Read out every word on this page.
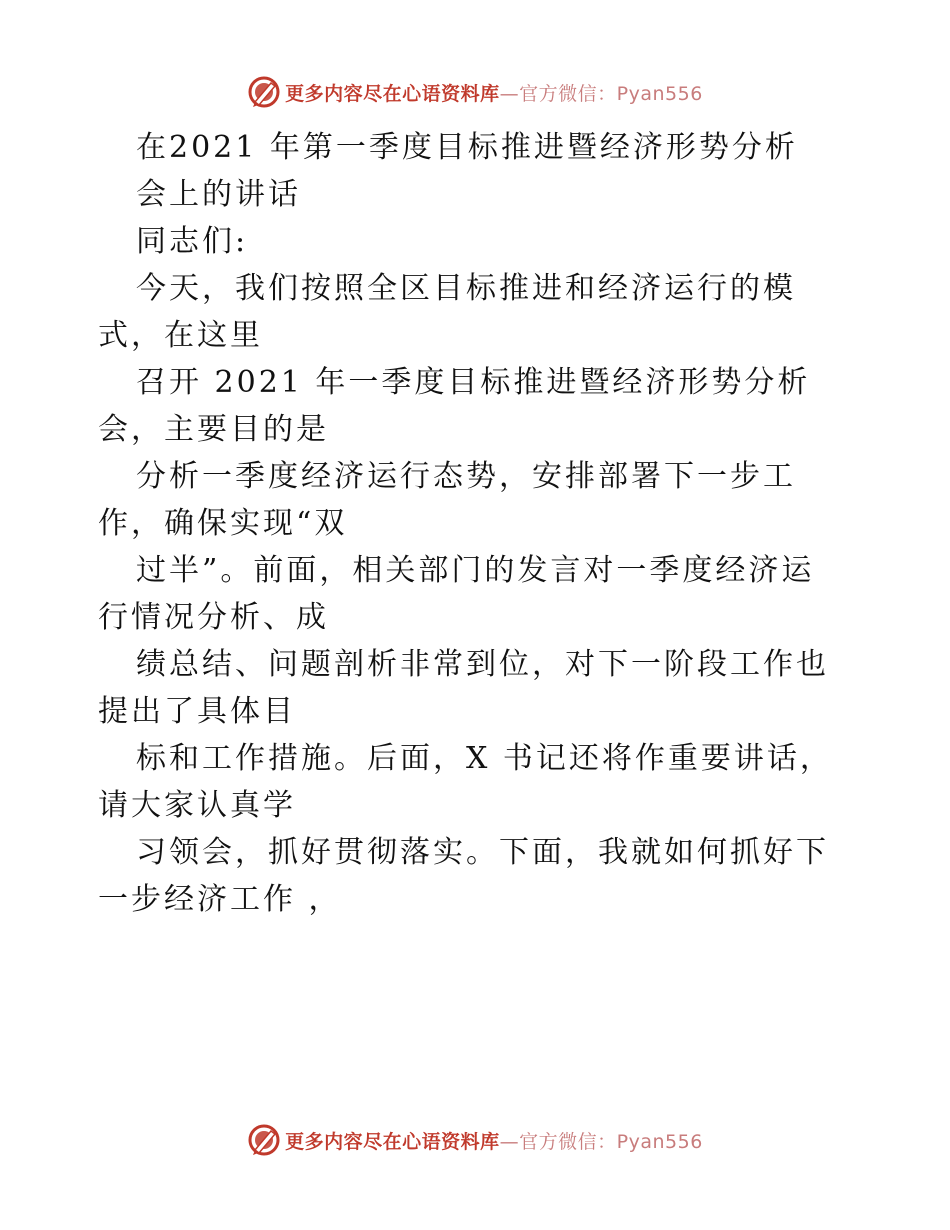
更多内容尽在心语资料库—官方微信：Pyan556
在2021 年第一季度目标推进暨经济形势分析
会上的讲话
同志们:
今天，我们按照全区目标推进和经济运行的模
式，在这里
召开 2021 年一季度目标推进暨经济形势分析
会，主要目的是
分析一季度经济运行态势，安排部署下一步工
作，确保实现“双
过半”。前面，相关部门的发言对一季度经济运
行情况分析、成
绩总结、问题剖析非常到位，对下一阶段工作也
提出了具体目
标和工作措施。后面，X 书记还将作重要讲话，
请大家认真学
习领会，抓好贯彻落实。下面，我就如何抓好下
一步经济工作 ，
更多内容尽在心语资料库—官方微信：Pyan556
